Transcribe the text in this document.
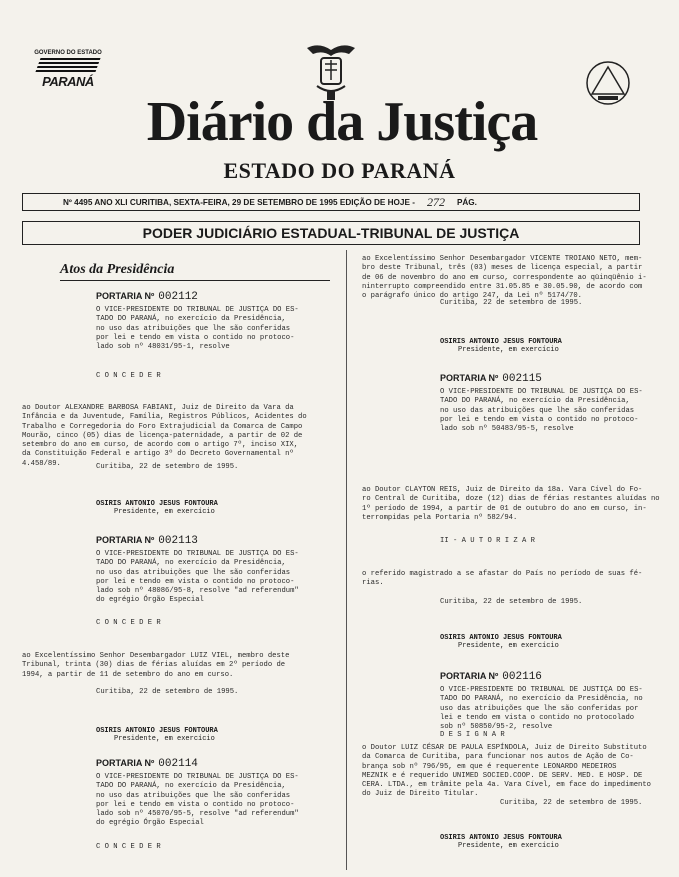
GOVERNO DO ESTADO
PARANÁ
Diário da Justiça
ESTADO DO PARANÁ
Nº 4495 ANO XLI CURITIBA, SEXTA-FEIRA, 29 DE SETEMBRO DE 1995 EDIÇÃO DE HOJE - 272 PÁG.
PODER JUDICIÁRIO ESTADUAL-TRIBUNAL DE JUSTIÇA
Atos da Presidência
PORTARIA Nº 002112
O VICE-PRESIDENTE DO TRIBUNAL DE JUSTIÇA DO ES-
TADO DO PARANÁ, no exercício da Presidência,
no uso das atribuições que lhe são conferidas
por lei e tendo em vista o contido no protoco-
lado sob nº 48031/95-1, resolve
C O N C E D E R
ao Doutor ALEXANDRE BARBOSA FABIANI, Juiz de Direito da Vara da
Infância e da Juventude, Família, Registros Públicos, Acidentes do
Trabalho e Corregedoria do Foro Extrajudicial da Comarca de Campo
Mourão, cinco (05) dias de licença-paternidade, a partir de 02 de
setembro do ano em curso, de acordo com o artigo 7º, inciso XIX,
da Constituição Federal e artigo 3º do Decreto Governamental nº
4.458/89.	Curitiba, 22 de setembro de 1995.
OSIRIS ANTONIO JESUS FONTOURA
Presidente, em exercício
PORTARIA Nº 002113
O VICE-PRESIDENTE DO TRIBUNAL DE JUSTIÇA DO ES-
TADO DO PARANÁ, no exercício da Presidência,
no uso das atribuições que lhe são conferidas
por lei e tendo em vista o contido no protoco-
lado sob nº 48086/95-8, resolve "ad referendum"
do egrégio Órgão Especial
C O N C E D E R
ao Excelentíssimo Senhor Desembargador LUIZ VIEL, membro deste
Tribunal, trinta (30) dias de férias aluídas em 2º período de
1994, a partir de 11 de setembro do ano em curso.
Curitiba, 22 de setembro de 1995.
OSIRIS ANTONIO JESUS FONTOURA
Presidente, em exercício
PORTARIA Nº 002114
O VICE-PRESIDENTE DO TRIBUNAL DE JUSTIÇA DO ES-
TADO DO PARANÁ, no exercício da Presidência,
no uso das atribuições que lhe são conferidas
por lei e tendo em vista o contido no protoco-
lado sob nº 45070/95-5, resolve "ad referendum"
do egrégio Órgão Especial
C O N C E D E R
ao Excelentíssimo Senhor Desembargador VICENTE TROIANO NETO, mem-
bro deste Tribunal, três (03) meses de licença especial, a partir
de 06 de novembro do ano em curso, correspondente ao qüinqüênio i-
ninterrupto compreendido entre 31.05.85 e 30.05.90, de acordo com
o parágrafo único do artigo 247, da Lei nº 5174/70.
Curitiba, 22 de setembro de 1995.
OSIRIS ANTONIO JESUS FONTOURA
Presidente, em exercício
PORTARIA Nº 002115
O VICE-PRESIDENTE DO TRIBUNAL DE JUSTIÇA DO ES-
TADO DO PARANÁ, no exercício da Presidência,
no uso das atribuições que lhe são conferidas
por lei e tendo em vista o contido no protoco-
lado sob nº 50483/95-5, resolve
ao Doutor CLAYTON REIS, Juiz de Direito da 18a. Vara Cível do Fo-
ro Central de Curitiba, doze (12) dias de férias restantes aluídas no
1º período de 1994, a partir de 01 de outubro do ano em curso, in-
terrompidas pela Portaria nº 582/94.
II - A U T O R I Z A R
o referido magistrado a se afastar do País no período de suas fé-
rias.
Curitiba, 22 de setembro de 1995.
OSIRIS ANTONIO JESUS FONTOURA
Presidente, em exercício
PORTARIA Nº 002116
O VICE-PRESIDENTE DO TRIBUNAL DE JUSTIÇA DO ES-
TADO DO PARANÁ, no exercício da Presidência, no
uso das atribuições que lhe são conferidas por
lei e tendo em vista o contido no protocolado
sob nº 50850/95-2, resolve
D E S I G N A R
o Doutor LUIZ CÉSAR DE PAULA ESPÍNDOLA, Juiz de Direito Substituto
da Comarca de Curitiba, para funcionar nos autos de Ação de Co-
brança sob nº 796/95, em que é requerente LEONARDO MEDEIROS
MEZNIK e é requerido UNIMED SOCIED.COOP. DE SERV. MED. E HOSP. DE
CERA. LTDA., em trâmite pela 4a. Vara Cível, em face do impedimento
do Juiz de Direito Titular.
Curitiba, 22 de setembro de 1995.
OSIRIS ANTONIO JESUS FONTOURA
Presidente, em exercício
